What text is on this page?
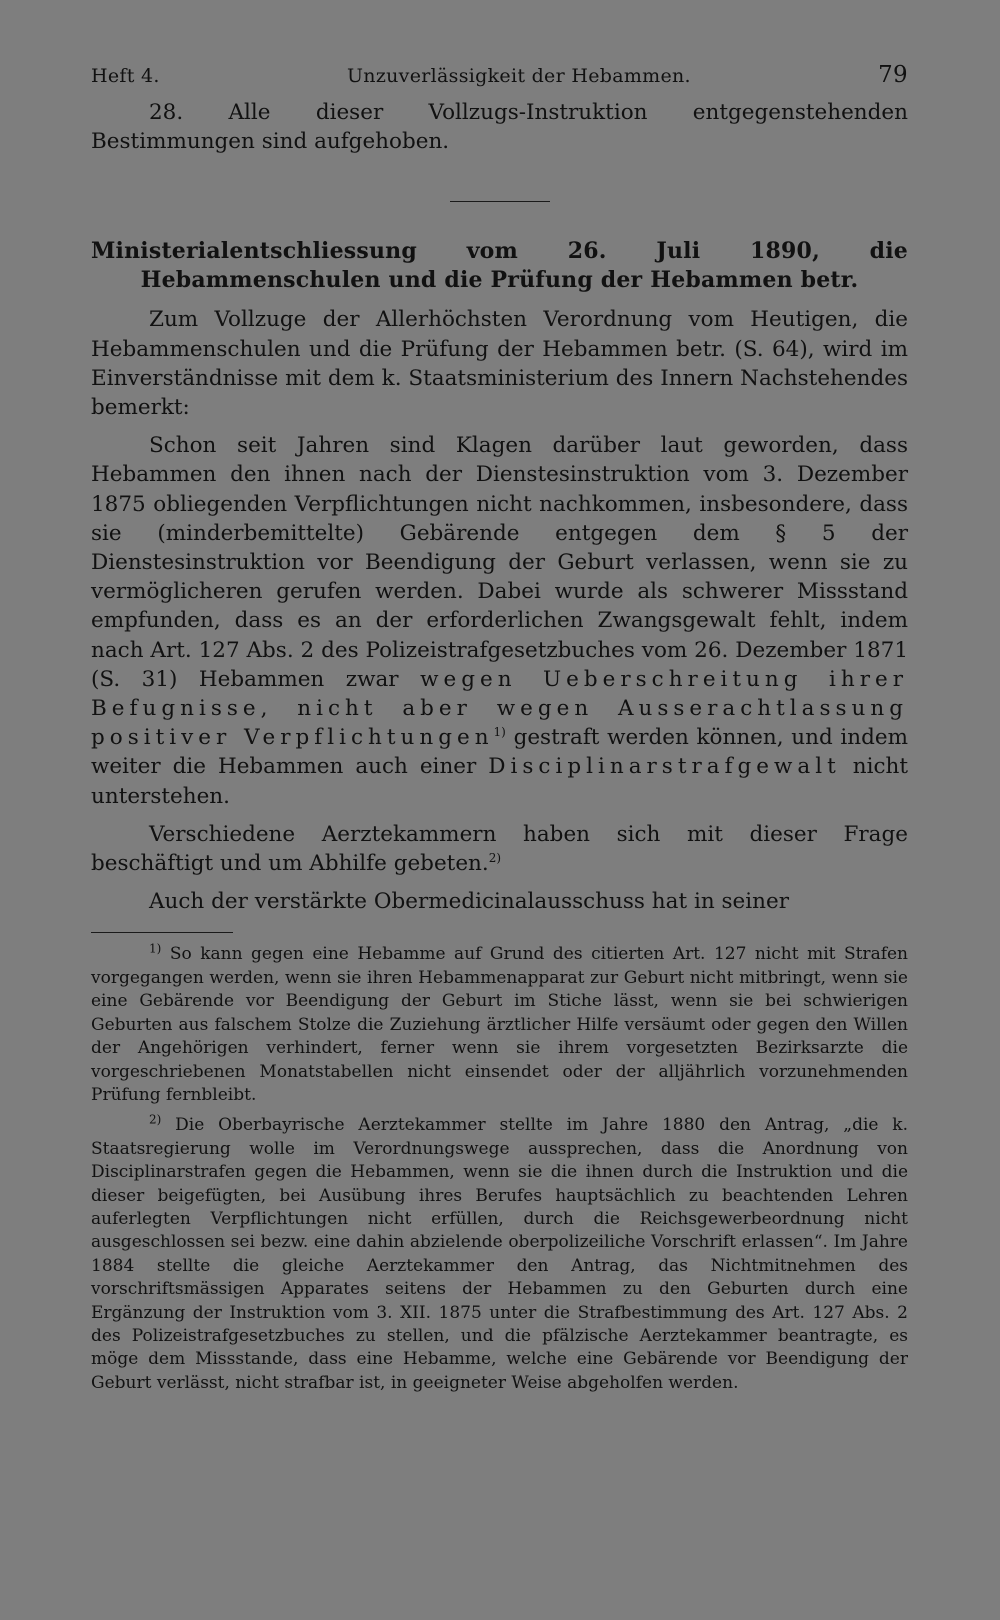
Heft 4.	Unzuverlässigkeit der Hebammen.	79

28. Alle dieser Vollzugs-Instruktion entgegenstehenden Bestimmungen sind aufgehoben.

Ministerialentschliessung vom 26. Juli 1890, die Hebammenschulen und die Prüfung der Hebammen betr.

Zum Vollzuge der Allerhöchsten Verordnung vom Heutigen, die Hebammenschulen und die Prüfung der Hebammen betr. (S. 64), wird im Einverständnisse mit dem k. Staatsministerium des Innern Nachstehendes bemerkt:

Schon seit Jahren sind Klagen darüber laut geworden, dass Hebammen den ihnen nach der Dienstesinstruktion vom 3. Dezember 1875 obliegenden Verpflichtungen nicht nachkommen, insbesondere, dass sie (minderbemittelte) Gebärende entgegen dem § 5 der Dienstesinstruktion vor Beendigung der Geburt verlassen, wenn sie zu vermöglicheren gerufen werden. Dabei wurde als schwerer Missstand empfunden, dass es an der erforderlichen Zwangsgewalt fehlt, indem nach Art. 127 Abs. 2 des Polizeistrafgesetzbuches vom 26. Dezember 1871 (S. 31) Hebammen zwar wegen Ueberschreitung ihrer Befugnisse, nicht aber wegen Ausserachtlassung positiver Verpflichtungen$^{1)}$ gestraft werden können, und indem weiter die Hebammen auch einer Disciplinarstrafgewalt nicht unterstehen.

Verschiedene Aerztekammern haben sich mit dieser Frage beschäftigt und um Abhilfe gebeten.$^{2)}$

Auch der verstärkte Obermedicinalausschuss hat in seiner

$^{1)}$ So kann gegen eine Hebamme auf Grund des citierten Art. 127 nicht mit Strafen vorgegangen werden, wenn sie ihren Hebammenapparat zur Geburt nicht mitbringt, wenn sie eine Gebärende vor Beendigung der Geburt im Stiche lässt, wenn sie bei schwierigen Geburten aus falschem Stolze die Zuziehung ärztlicher Hilfe versäumt oder gegen den Willen der Angehörigen verhindert, ferner wenn sie ihrem vorgesetzten Bezirksarzte die vorgeschriebenen Monatstabellen nicht einsendet oder der alljährlich vorzunehmenden Prüfung fernbleibt.

$^{2)}$ Die Oberbayrische Aerztekammer stellte im Jahre 1880 den Antrag, „die k. Staatsregierung wolle im Verordnungswege aussprechen, dass die Anordnung von Disciplinarstrafen gegen die Hebammen, wenn sie die ihnen durch die Instruktion und die dieser beigefügten, bei Ausübung ihres Berufes hauptsächlich zu beachtenden Lehren auferlegten Verpflichtungen nicht erfüllen, durch die Reichsgewerbeordnung nicht ausgeschlossen sei bezw. eine dahin abzielende oberpolizeiliche Vorschrift erlassen“. Im Jahre 1884 stellte die gleiche Aerztekammer den Antrag, das Nichtmitnehmen des vorschriftsmässigen Apparates seitens der Hebammen zu den Geburten durch eine Ergänzung der Instruktion vom 3. XII. 1875 unter die Strafbestimmung des Art. 127 Abs. 2 des Polizeistrafgesetzbuches zu stellen, und die pfälzische Aerztekammer beantragte, es möge dem Missstande, dass eine Hebamme, welche eine Gebärende vor Beendigung der Geburt verlässt, nicht strafbar ist, in geeigneter Weise abgeholfen werden.
